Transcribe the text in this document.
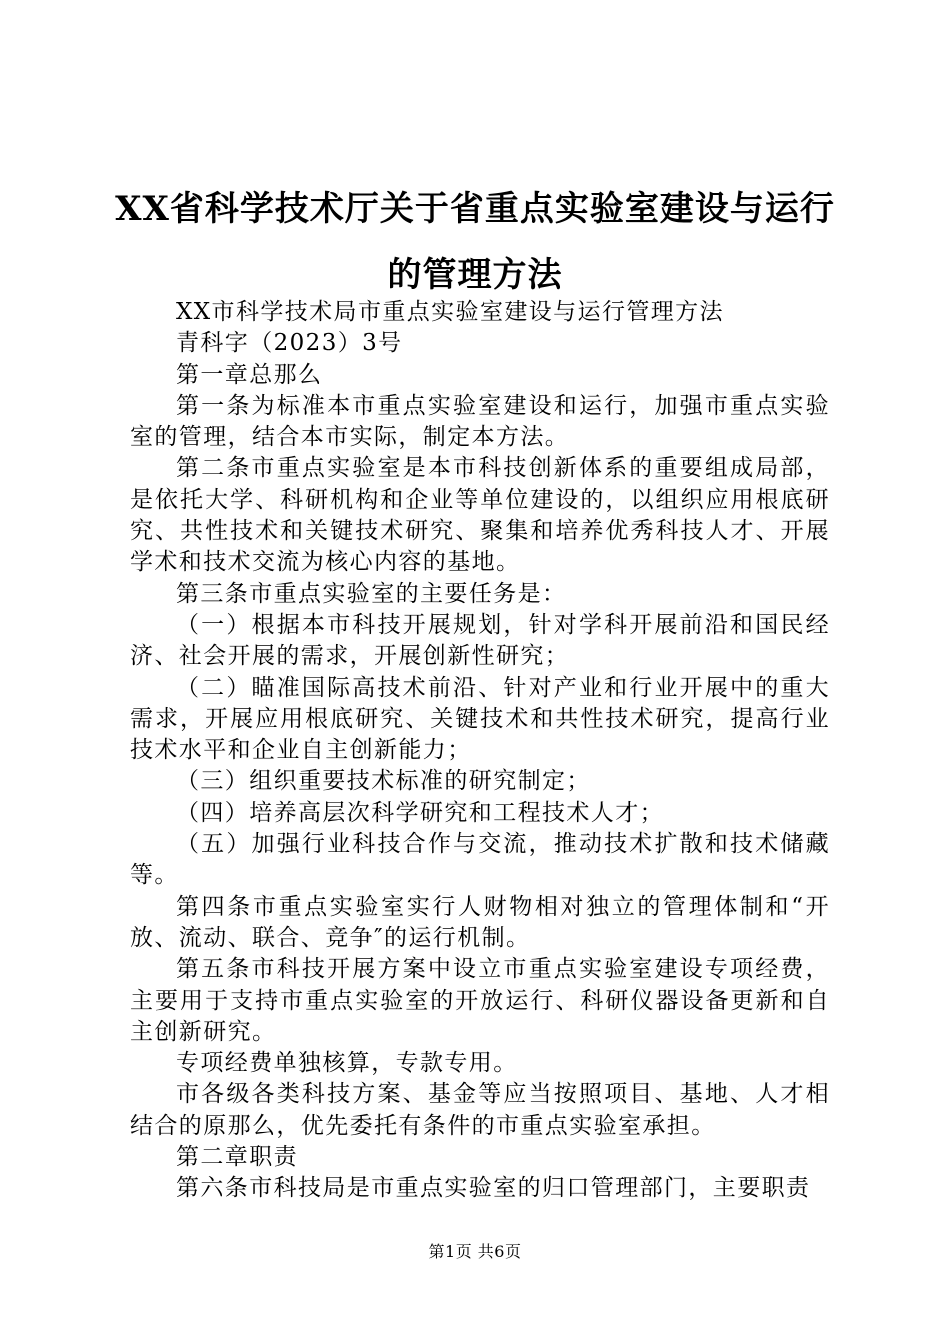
XX省科学技术厅关于省重点实验室建设与运行的管理方法

XX市科学技术局市重点实验室建设与运行管理方法

青科字（2023）3号

第一章总那么

第一条为标准本市重点实验室建设和运行，加强市重点实验室的管理，结合本市实际，制定本方法。

第二条市重点实验室是本市科技创新体系的重要组成局部，是依托大学、科研机构和企业等单位建设的，以组织应用根底研究、共性技术和关键技术研究、聚集和培养优秀科技人才、开展学术和技术交流为核心内容的基地。

第三条市重点实验室的主要任务是：

（一）根据本市科技开展规划，针对学科开展前沿和国民经济、社会开展的需求，开展创新性研究；

（二）瞄准国际高技术前沿、针对产业和行业开展中的重大需求，开展应用根底研究、关键技术和共性技术研究，提高行业技术水平和企业自主创新能力；

（三）组织重要技术标准的研究制定；

（四）培养高层次科学研究和工程技术人才；

（五）加强行业科技合作与交流，推动技术扩散和技术储藏等。

第四条市重点实验室实行人财物相对独立的管理体制和“开放、流动、联合、竞争″的运行机制。

第五条市科技开展方案中设立市重点实验室建设专项经费，主要用于支持市重点实验室的开放运行、科研仪器设备更新和自主创新研究。

专项经费单独核算，专款专用。

市各级各类科技方案、基金等应当按照项目、基地、人才相结合的原那么，优先委托有条件的市重点实验室承担。

第二章职责

第六条市科技局是市重点实验室的归口管理部门，主要职责

第1页 共6页
